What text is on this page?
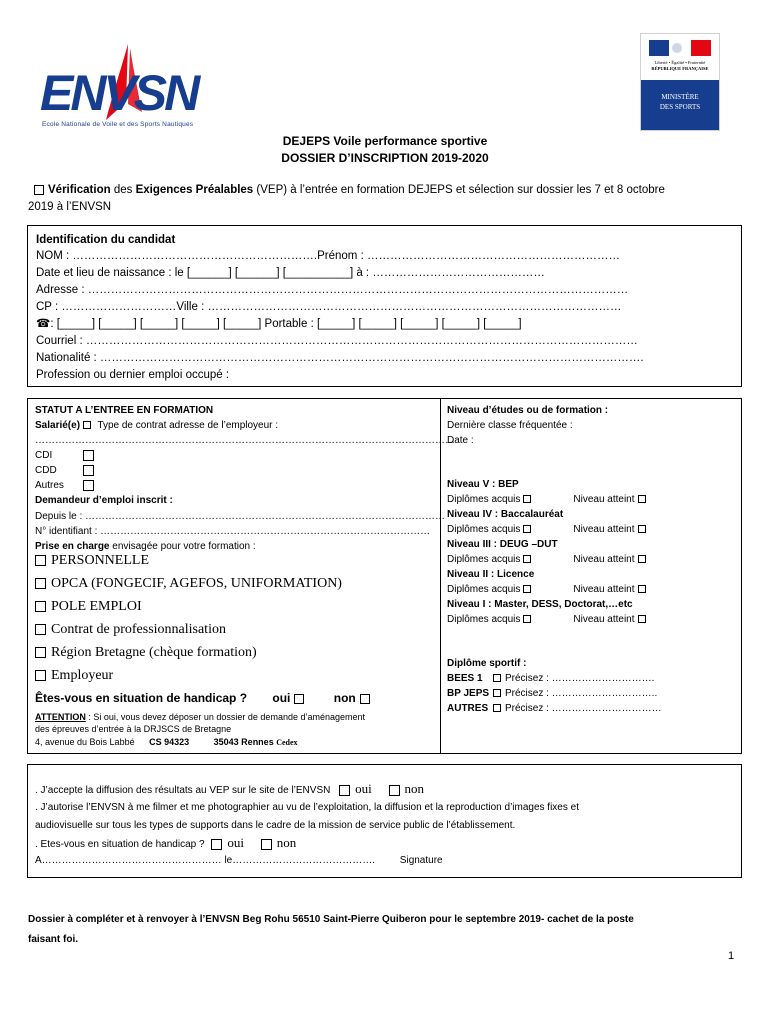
ENVSN
Ecole Nationale de Voile et des Sports Nautiques
Liberté • Égalité • Fraternité
RÉPUBLIQUE FRANÇAISE
MINISTÈRE
DES SPORTS
DEJEPS Voile performance sportive
DOSSIER D’INSCRIPTION 2019-2020
Vérification des Exigences Préalables (VEP) à l’entrée en formation DEJEPS et sélection sur dossier les 7 et 8 octobre
2019 à l’ENVSN
Identification du candidat
NOM : ……………………………………………………….Prénom : …………………………………………………………
Date et lieu de naissance : le [______] [______] [__________] à : ………………………………………
Adresse : ……………………………………………………………………………………………………………………………
CP : …………………………Ville : ………………………………………………………………………………………………
☎: [_____] [_____] [_____] [_____] [_____] Portable : [_____] [_____] [_____] [_____] [_____]
Courriel : ………………………………………………………………………………………………………………………………
Nationalité : …………………………………………………………………………………………………………………………….
Profession ou dernier emploi occupé :
STATUT A L’ENTREE EN FORMATION
Salarié(e)  Type de contrat adresse de l’employeur :
………………………………………………………………………………………………………………
CDI
CDD
Autres
Demandeur d’emploi inscrit :
Depuis le : ………………………………………………………………………………………………
N° identifiant : ………………………………………………………………………………………
Prise en charge envisagée pour votre formation :
PERSONNELLE
OPCA (FONGECIF, AGEFOS, UNIFORMATION)
POLE EMPLOI
Contrat de professionnalisation
Région Bretagne (chèque formation)
Employeur
Êtes-vous en situation de handicap ? oui	non
ATTENTION : Si oui, vous devez déposer un dossier de demande d’aménagement
des épreuves d’entrée à la DRJSCS de Bretagne
4, avenue du Bois Labbé CS 94323	35043 Rennes Cedex
Niveau d’études ou de formation :
Dernière classe fréquentée :
Date :
Niveau V : BEP
Diplômes acquis	Niveau atteint
Niveau IV : Baccalauréat
Diplômes acquis	Niveau atteint
Niveau III : DEUG –DUT
Diplômes acquis	Niveau atteint
Niveau II : Licence
Diplômes acquis	Niveau atteint
Niveau I : Master, DESS, Doctorat,…etc
Diplômes acquis	Niveau atteint
Diplôme sportif :
BEES 1 Précisez : ………………………….
BP JEPS Précisez : …………………………..
AUTRES Précisez : ……………………………
. J’accepte la diffusion des résultats au VEP sur le site de l’ENVSN oui	non
. J’autorise l’ENVSN à me filmer et me photographier au vu de l’exploitation, la diffusion et la reproduction d’images fixes et
audiovisuelle sur tous les types de supports dans le cadre de la mission de service public de l’établissement.
. Etes-vous en situation de handicap ? oui	non
A……………………………………………… le……………………………………. Signature
Dossier à compléter et à renvoyer à l’ENVSN Beg Rohu 56510 Saint-Pierre Quiberon pour le septembre 2019- cachet de la poste
faisant foi.
1
